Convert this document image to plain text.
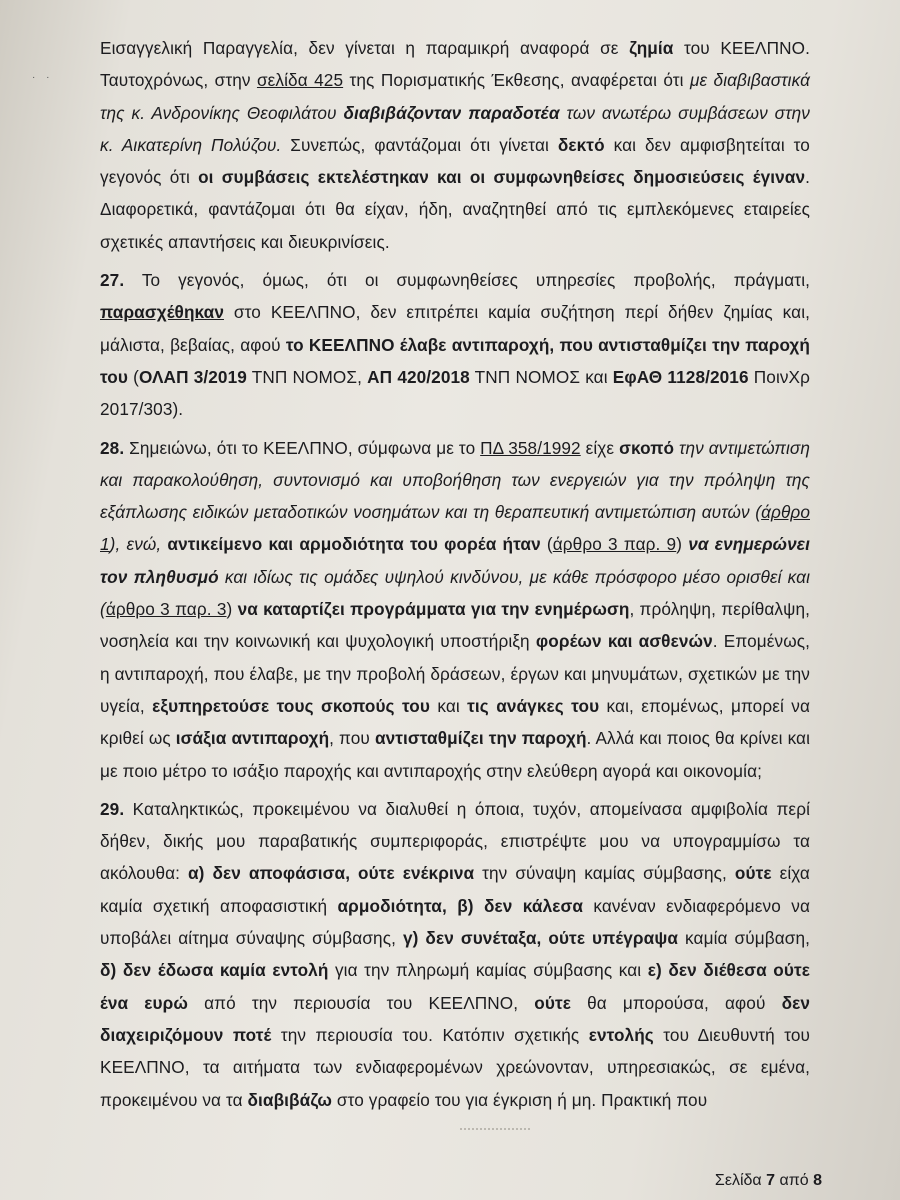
· ·

Εισαγγελική Παραγγελία, δεν γίνεται η παραμικρή αναφορά σε ζημία του ΚΕΕΛΠΝΟ. Ταυτοχρόνως, στην σελίδα 425 της Πορισματικής Έκθεσης, αναφέρεται ότι με διαβιβαστικά της κ. Ανδρονίκης Θεοφιλάτου διαβιβάζονταν παραδοτέα των ανωτέρω συμβάσεων στην κ. Αικατερίνη Πολύζου. Συνεπώς, φαντάζομαι ότι γίνεται δεκτό και δεν αμφισβητείται το γεγονός ότι οι συμβάσεις εκτελέστηκαν και οι συμφωνηθείσες δημοσιεύσεις έγιναν. Διαφορετικά, φαντάζομαι ότι θα είχαν, ήδη, αναζητηθεί από τις εμπλεκόμενες εταιρείες σχετικές απαντήσεις και διευκρινίσεις.

27. Το γεγονός, όμως, ότι οι συμφωνηθείσες υπηρεσίες προβολής, πράγματι, παρασχέθηκαν στο ΚΕΕΛΠΝΟ, δεν επιτρέπει καμία συζήτηση περί δήθεν ζημίας και, μάλιστα, βεβαίας, αφού το ΚΕΕΛΠΝΟ έλαβε αντιπαροχή, που αντισταθμίζει την παροχή του (ΟΛΑΠ 3/2019 ΤΝΠ ΝΟΜΟΣ, ΑΠ 420/2018 ΤΝΠ ΝΟΜΟΣ και ΕφΑΘ 1128/2016 ΠοινΧρ 2017/303).

28. Σημειώνω, ότι το ΚΕΕΛΠΝΟ, σύμφωνα με το ΠΔ 358/1992 είχε σκοπό την αντιμετώπιση και παρακολούθηση, συντονισμό και υποβοήθηση των ενεργειών για την πρόληψη της εξάπλωσης ειδικών μεταδοτικών νοσημάτων και τη θεραπευτική αντιμετώπιση αυτών (άρθρο 1), ενώ, αντικείμενο και αρμοδιότητα του φορέα ήταν (άρθρο 3 παρ. 9) να ενημερώνει τον πληθυσμό και ιδίως τις ομάδες υψηλού κινδύνου, με κάθε πρόσφορο μέσο ορισθεί και (άρθρο 3 παρ. 3) να καταρτίζει προγράμματα για την ενημέρωση, πρόληψη, περίθαλψη, νοσηλεία και την κοινωνική και ψυχολογική υποστήριξη φορέων και ασθενών. Επομένως, η αντιπαροχή, που έλαβε, με την προβολή δράσεων, έργων και μηνυμάτων, σχετικών με την υγεία, εξυπηρετούσε τους σκοπούς του και τις ανάγκες του και, επομένως, μπορεί να κριθεί ως ισάξια αντιπαροχή, που αντισταθμίζει την παροχή. Αλλά και ποιος θα κρίνει και με ποιο μέτρο το ισάξιο παροχής και αντιπαροχής στην ελεύθερη αγορά και οικονομία;

29. Καταληκτικώς, προκειμένου να διαλυθεί η όποια, τυχόν, απομείνασα αμφιβολία περί δήθεν, δικής μου παραβατικής συμπεριφοράς, επιστρέψτε μου να υπογραμμίσω τα ακόλουθα: α) δεν αποφάσισα, ούτε ενέκρινα την σύναψη καμίας σύμβασης, ούτε είχα καμία σχετική αποφασιστική αρμοδιότητα, β) δεν κάλεσα κανέναν ενδιαφερόμενο να υποβάλει αίτημα σύναψης σύμβασης, γ) δεν συνέταξα, ούτε υπέγραψα καμία σύμβαση, δ) δεν έδωσα καμία εντολή για την πληρωμή καμίας σύμβασης και ε) δεν διέθεσα ούτε ένα ευρώ από την περιουσία του ΚΕΕΛΠΝΟ, ούτε θα μπορούσα, αφού δεν διαχειριζόμουν ποτέ την περιουσία του. Κατόπιν σχετικής εντολής του Διευθυντή του ΚΕΕΛΠΝΟ, τα αιτήματα των ενδιαφερομένων χρεώνονταν, υπηρεσιακώς, σε εμένα, προκειμένου να τα διαβιβάζω στο γραφείο του για έγκριση ή μη. Πρακτική που

Σελίδα 7 από 8
